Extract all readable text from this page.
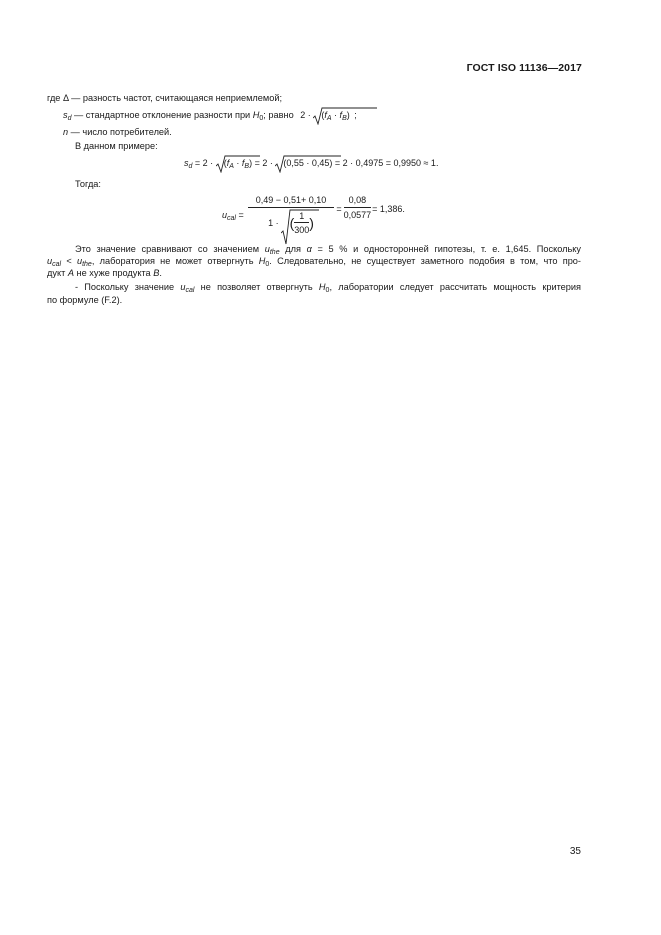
ГОСТ ISO 11136—2017
где Δ — разность частот, считающаяся неприемлемой;
$s_d$ — стандартное отклонение разности при $H_0$; равно $2 \cdot (f_A \cdot f_B)$ ;
n — число потребителей.
В данном примере:
$s_d = 2 \cdot (f_A \cdot f_B) = 2 \cdot (0,55 \cdot 0,45) = 2 \cdot 0,4975 = 0,9950 \approx 1$.
Тогда:
$u_{cal}$ =
0,49 − 0,51+ 0,10
1 · ( $\frac{1}{300}$ )
= $\frac{0,08}{0,0577} = 1,386$.
Это значение сравнивают со значением $u_{the}$ для α = 5 % и односторонней гипотезы, т. е. 1,645. Поскольку
$u_{cal} < u_{the}$, лаборатория не может отвергнуть $H_0$. Следовательно, не существует заметного подобия в том, что про-
дукт A не хуже продукта B.
- Поскольку значение $u_{cal}$ не позволяет отвергнуть $H_0$, лаборатории следует рассчитать мощность критерия
по формуле (F.2).
35
